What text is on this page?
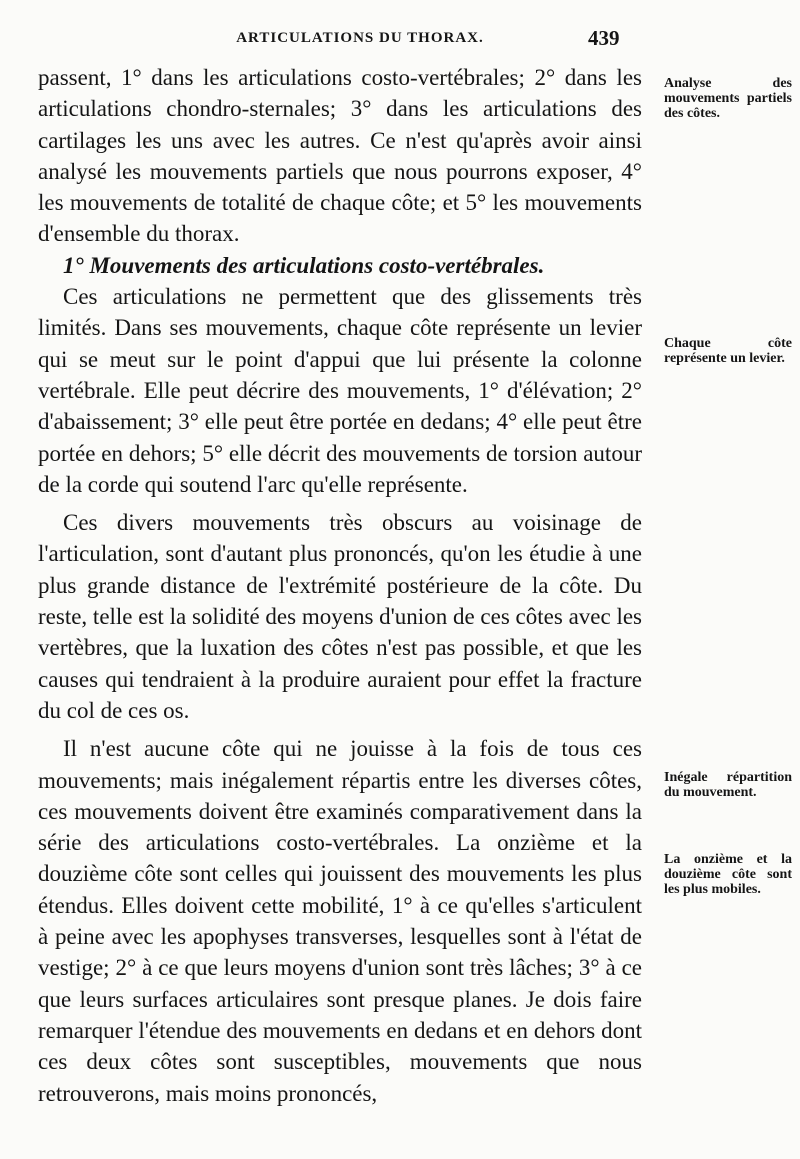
ARTICULATIONS DU THORAX.	439

passent, 1° dans les articulations costo-vertébrales; 2° dans les articulations chondro-sternales; 3° dans les articulations des cartilages les uns avec les autres. Ce n'est qu'après avoir ainsi analysé les mouvements partiels que nous pourrons exposer, 4° les mouvements de totalité de chaque côte; et 5° les mouvements d'ensemble du thorax.

1° Mouvements des articulations costo-vertébrales.

Ces articulations ne permettent que des glissements très limités. Dans ses mouvements, chaque côte représente un levier qui se meut sur le point d'appui que lui présente la colonne vertébrale. Elle peut décrire des mouvements, 1° d'élévation; 2° d'abaissement; 3° elle peut être portée en dedans; 4° elle peut être portée en dehors; 5° elle décrit des mouvements de torsion autour de la corde qui soutend l'arc qu'elle représente.

Ces divers mouvements très obscurs au voisinage de l'articulation, sont d'autant plus prononcés, qu'on les étudie à une plus grande distance de l'extrémité postérieure de la côte. Du reste, telle est la solidité des moyens d'union de ces côtes avec les vertèbres, que la luxation des côtes n'est pas possible, et que les causes qui tendraient à la produire auraient pour effet la fracture du col de ces os.

Il n'est aucune côte qui ne jouisse à la fois de tous ces mouvements; mais inégalement répartis entre les diverses côtes, ces mouvements doivent être examinés comparativement dans la série des articulations costo-vertébrales. La onzième et la douzième côte sont celles qui jouissent des mouvements les plus étendus. Elles doivent cette mobilité, 1° à ce qu'elles s'articulent à peine avec les apophyses transverses, lesquelles sont à l'état de vestige; 2° à ce que leurs moyens d'union sont très lâches; 3° à ce que leurs surfaces articulaires sont presque planes. Je dois faire remarquer l'étendue des mouvements en dedans et en dehors dont ces deux côtes sont susceptibles, mouvements que nous retrouverons, mais moins prononcés,

Analyse des mouvements partiels des côtes.
Chaque côte représente un levier.
Inégale répartition du mouvement.
La onzième et la douzième côte sont les plus mobiles.
